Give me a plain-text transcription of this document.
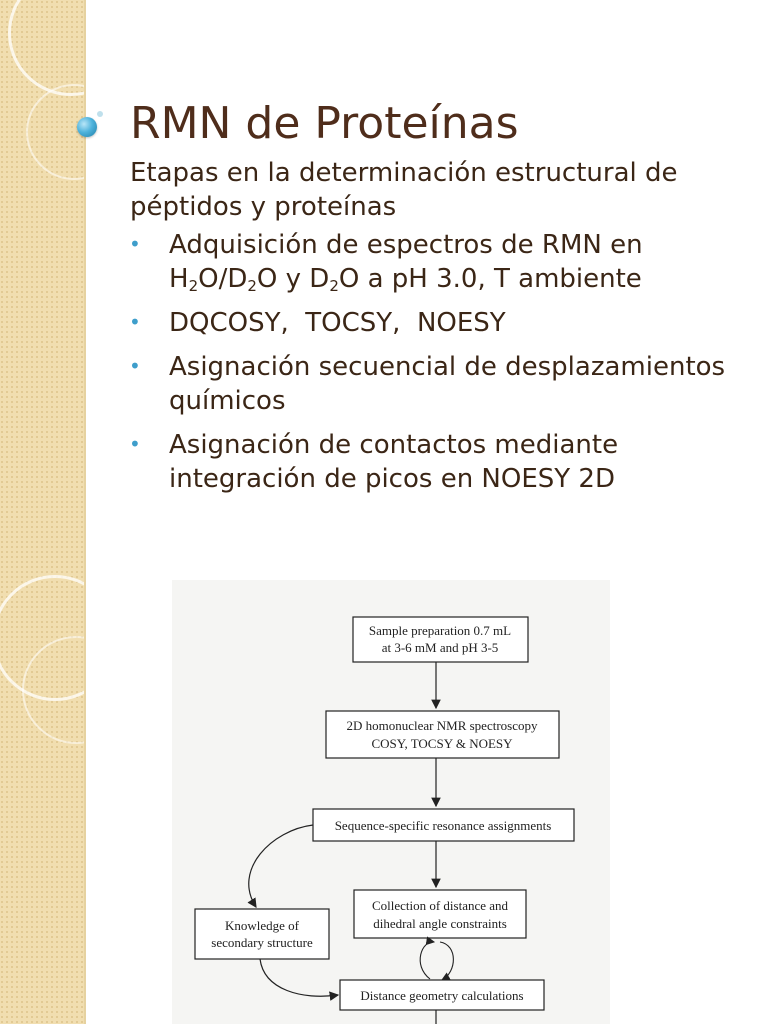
RMN de Proteínas

Etapas en la determinación estructural de péptidos y proteínas

• Adquisición de espectros de RMN en
$H_2O/D_2O$ y $D_2O$ a pH 3.0, T ambiente
• DQCOSY,  TOCSY,  NOESY
• Asignación secuencial de desplazamientos químicos
• Asignación de contactos mediante integración de picos en NOESY 2D
Sample preparation 0.7 mL
at 3-6 mM and pH 3-5
2D homonuclear NMR spectroscopy
COSY, TOCSY & NOESY
Sequence-specific resonance assignments
Collection of distance and
dihedral angle constraints
Knowledge of
secondary structure
Distance geometry calculations
